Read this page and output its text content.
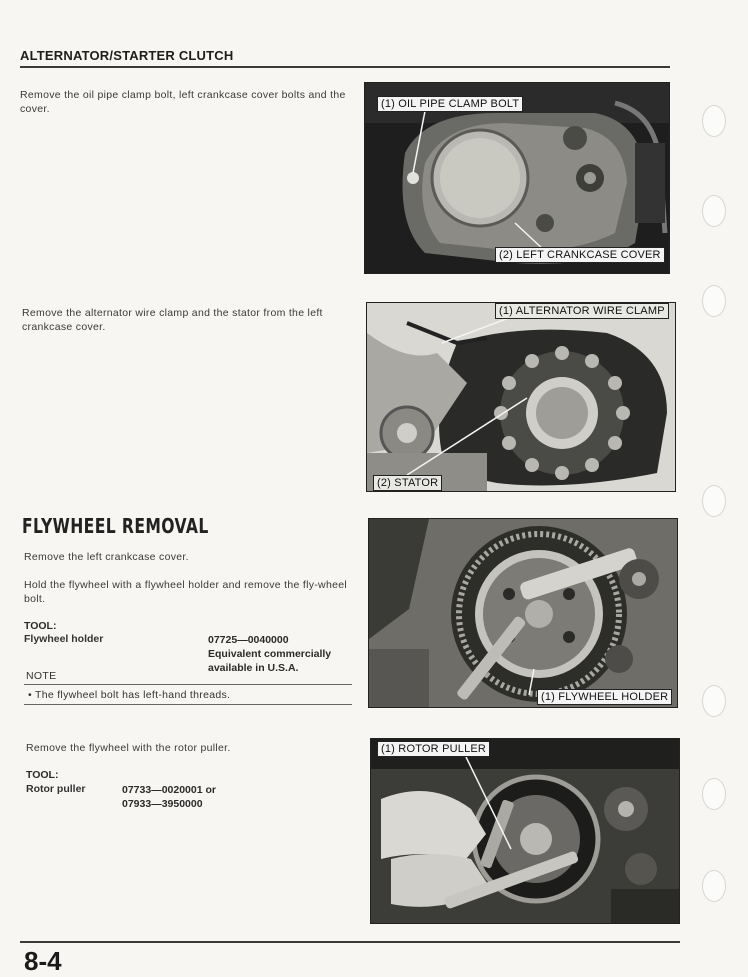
ALTERNATOR/STARTER CLUTCH
Remove the oil pipe clamp bolt, left crankcase cover bolts and the cover.	(1) OIL PIPE CLAMP BOLT
(2) LEFT CRANKCASE COVER
Remove the alternator wire clamp and the stator from the left crankcase cover.
(1) ALTERNATOR WIRE CLAMP
(2) STATOR
FLYWHEEL REMOVAL
Remove the left crankcase cover.
Hold the flywheel with a flywheel holder and remove the fly-wheel bolt.
TOOL:
Flywheel holder	07725—0040000
Equivalent commercially
available in U.S.A.
NOTE
• The flywheel bolt has left-hand threads.	(1) FLYWHEEL HOLDER
Remove the flywheel with the rotor puller.
TOOL:
Rotor puller	07733—0020001 or
07933—3950000
(1) ROTOR PULLER
8-4
